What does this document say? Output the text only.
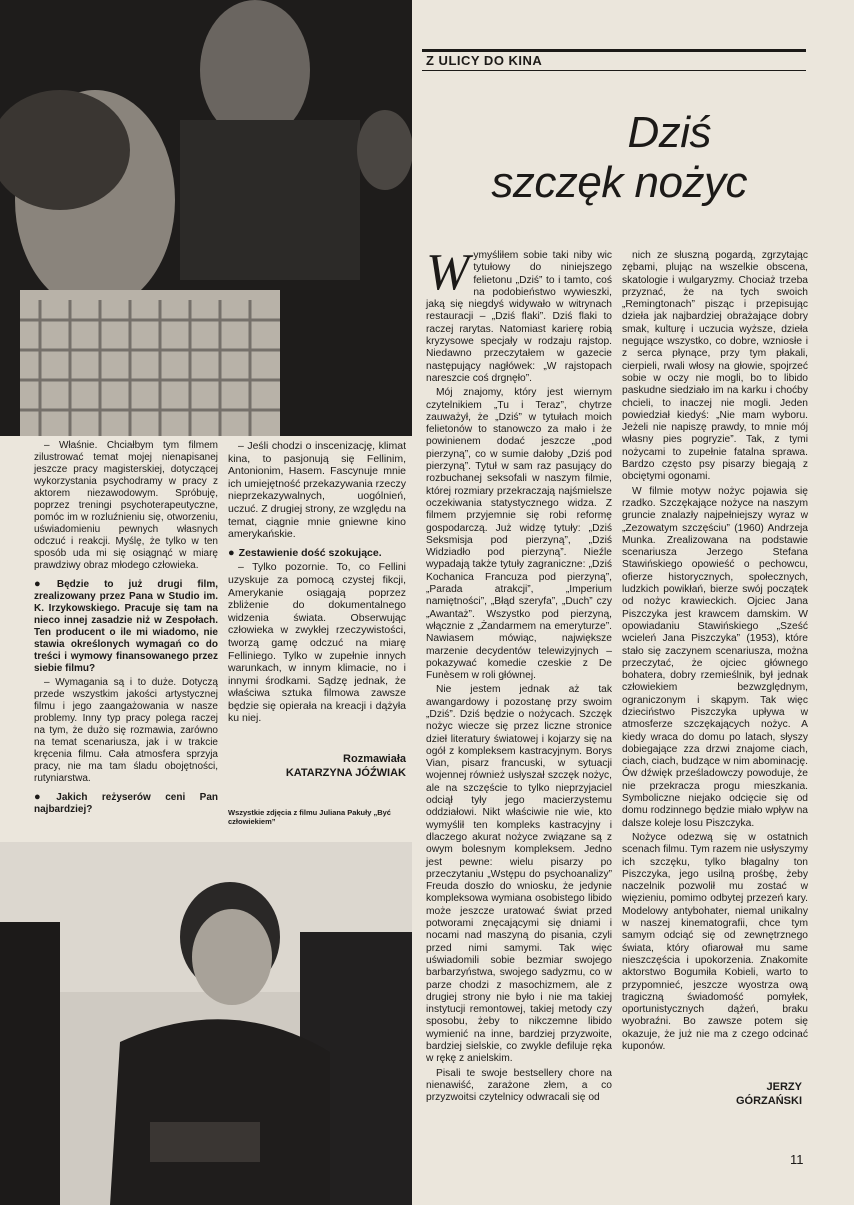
– Właśnie. Chciałbym tym filmem zilustrować temat mojej nienapisanej jeszcze pracy magisterskiej, dotyczącej wykorzystania psychodramy w pracy z aktorem niezawodowym. Spróbuję, poprzez treningi psychoterapeutyczne, pomóc im w rozluźnieniu się, otworzeniu, uświadomieniu pewnych własnych odczuć i reakcji. Myślę, że tylko w ten sposób uda mi się osiągnąć w miarę prawdziwy obraz młodego człowieka.

● Będzie to już drugi film, zrealizowany przez Pana w Studio im. K. Irzykowskiego. Pracuje się tam na nieco innej zasadzie niż w Zespołach. Ten producent o ile mi wiadomo, nie stawia określonych wymagań co do treści i wymowy finansowanego przez siebie filmu?

– Wymagania są i to duże. Dotyczą przede wszystkim jakości artystycznej filmu i jego zaangażowania w nasze problemy. Inny typ pracy polega raczej na tym, że dużo się rozmawia, zarówno na temat scenariusza, jak i w trakcie kręcenia filmu. Cała atmosfera sprzyja pracy, nie ma tam śladu obojętności, rutyniarstwa.

● Jakich reżyserów ceni Pan najbardziej?

– Jeśli chodzi o inscenizację, klimat kina, to pasjonują się Fellinim, Antonionim, Hasem. Fascynuje mnie ich umiejętność przekazywania rzeczy nieprzekazywalnych, uogólnień, uczuć. Z drugiej strony, ze względu na temat, ciągnie mnie gniewne kino amerykańskie.

● Zestawienie dość szokujące.

– Tylko pozornie. To, co Fellini uzyskuje za pomocą czystej fikcji, Amerykanie osiągają poprzez zbliżenie do dokumentalnego widzenia świata. Obserwując człowieka w zwykłej rzeczywistości, tworzą gamę odczuć na miarę Felliniego. Tylko w zupełnie innych warunkach, w innym klimacie, no i innymi środkami. Sądzę jednak, że właściwa sztuka filmowa zawsze będzie się opierała na kreacji i dążyła ku niej.

Rozmawiała
KATARZYNA JÓŹWIAK
Wszystkie zdjęcia z filmu Juliana Pakuły „Być człowiekiem”
Z ULICY DO KINA
Dziś
szczęk nożyc

Wymyśliłem sobie taki niby wic tytułowy do niniejszego felietonu „Dziś” to i tamto, coś na podobieństwo wywieszki, jaką się niegdyś widywało w witrynach restauracji – „Dziś flaki”. Dziś flaki to raczej rarytas. Natomiast karierę robią kryzysowe specjały w rodzaju rajstop. Niedawno przeczytałem w gazecie następujący nagłówek: „W rajstopach nareszcie coś drgnęło”.

Mój znajomy, który jest wiernym czytelnikiem „Tu i Teraz”, chytrze zauważył, że „Dziś” w tytułach moich felietonów to stanowczo za mało i że powinienem dodać jeszcze „pod pierzyną”, co w sumie dałoby „Dziś pod pierzyną”. Tytuł w sam raz pasujący do rozbuchanej seksofali w naszym filmie, której rozmiary przekraczają najśmielsze oczekiwania statystycznego widza. Z filmem przyjemnie się robi reformę gospodarczą. Już widzę tytuły: „Dziś Seksmisja pod pierzyną”, „Dziś Widziadło pod pierzyną”. Nieźle wypadają także tytuły zagraniczne: „Dziś Kochanica Francuza pod pierzyną”, „Parada atrakcji”, „Imperium namiętności”, „Błąd szeryfa”, „Duch” czy „Awantaż”. Wszystko pod pierzyną, włącznie z „Żandarmem na emeryturze”. Nawiasem mówiąc, największe marzenie decydentów telewizyjnych – pokazywać komedie czeskie z De Funèsem w roli głównej.

Nie jestem jednak aż tak awangardowy i pozostanę przy swoim „Dziś”. Dziś będzie o nożycach. Szczęk nożyc wiecze się przez liczne stronice dzieł literatury światowej i kojarzy się na ogół z kompleksem kastracyjnym. Borys Vian, pisarz francuski, w sytuacji wojennej również usłyszał szczęk nożyc, ale na szczęście to tylko nieprzyjaciel odciął tyły jego macierzystemu oddziałowi. Nikt właściwie nie wie, kto wymyślił ten kompleks kastracyjny i dlaczego akurat nożyce związane są z owym bolesnym kompleksem. Jedno jest pewne: wielu pisarzy po przeczytaniu „Wstępu do psychoanalizy” Freuda doszło do wniosku, że jedynie kompleksowa wymiana osobistego libido może jeszcze uratować świat przed potworami znęcającymi się dniami i nocami nad maszyną do pisania, czyli przed nimi samymi. Tak więc uświadomili sobie bezmiar swojego barbarzyństwa, swojego sadyzmu, co w parze chodzi z masochizmem, ale z drugiej strony nie było i nie ma takiej instytucji remontowej, takiej metody czy sposobu, żeby to nikczemne libido wymienić na inne, bardziej przyzwoite, bardziej sielskie, co zwykle defiluje ręka w rękę z anielskim.

Pisali te swoje bestsellery chore na nienawiść, zarażone złem, a co przyzwoitsi czytelnicy odwracali się od

nich ze słuszną pogardą, zgrzytając zębami, plując na wszelkie obscena, skatologie i wulgaryzmy. Chociaż trzeba przyznać, że na tych swoich „Remingtonach” pisząc i przepisując dzieła jak najbardziej obrażające dobry smak, kulturę i uczucia wyższe, dzieła negujące wszystko, co dobre, wzniosłe i z serca płynące, przy tym płakali, cierpieli, rwali włosy na głowie, spojrzeć sobie w oczy nie mogli, bo to libido paskudne siedziało im na karku i choćby chcieli, to inaczej nie mogli. Jeden powiedział kiedyś: „Nie mam wyboru. Jeżeli nie napiszę prawdy, to mnie mój własny pies pogryzie”. Tak, z tymi nożycami to zupełnie fatalna sprawa. Bardzo często psy pisarzy biegają z obciętymi ogonami.

W filmie motyw nożyc pojawia się rzadko. Szczękające nożyce na naszym gruncie znalazły najpełniejszy wyraz w „Zezowatym szczęściu” (1960) Andrzeja Munka. Zrealizowana na podstawie scenariusza Jerzego Stefana Stawińskiego opowieść o pechowcu, ofierze historycznych, społecznych, ludzkich powikłań, bierze swój początek od nożyc krawieckich. Ojciec Jana Piszczyka jest krawcem damskim. W opowiadaniu Stawińskiego „Sześć wcieleń Jana Piszczyka” (1953), które stało się zaczynem scenariusza, można przeczytać, że ojciec głównego bohatera, dobry rzemieślnik, był jednak człowiekiem bezwzględnym, ograniczonym i skąpym. Tak więc dzieciństwo Piszczyka upływa w atmosferze szczękających nożyc. A kiedy wraca do domu po latach, słyszy dobiegające zza drzwi znajome ciach, ciach, ciach, budzące w nim abominację. Ów dźwięk prześladowczy powoduje, że nie przekracza progu mieszkania. Symboliczne niejako odcięcie się od domu rodzinnego będzie miało wpływ na dalsze koleje losu Piszczyka.

Nożyce odezwą się w ostatnich scenach filmu. Tym razem nie usłyszymy ich szczęku, tylko błagalny ton Piszczyka, jego usilną prośbę, żeby naczelnik pozwolił mu zostać w więzieniu, pomimo odbytej przezeń kary. Modelowy antybohater, niemal unikalny w naszej kinematografii, chce tym samym odciąć się od zewnętrznego świata, który ofiarował mu same nieszczęścia i upokorzenia. Znakomite aktorstwo Bogumiła Kobieli, warto to przypomnieć, jeszcze wyostrza ową tragiczną świadomość pomyłek, oportunistycznych dążeń, braku wyobraźni. Bo zawsze potem się okazuje, że już nie ma z czego odcinać kuponów.

JERZY
GÓRZAŃSKI
11
